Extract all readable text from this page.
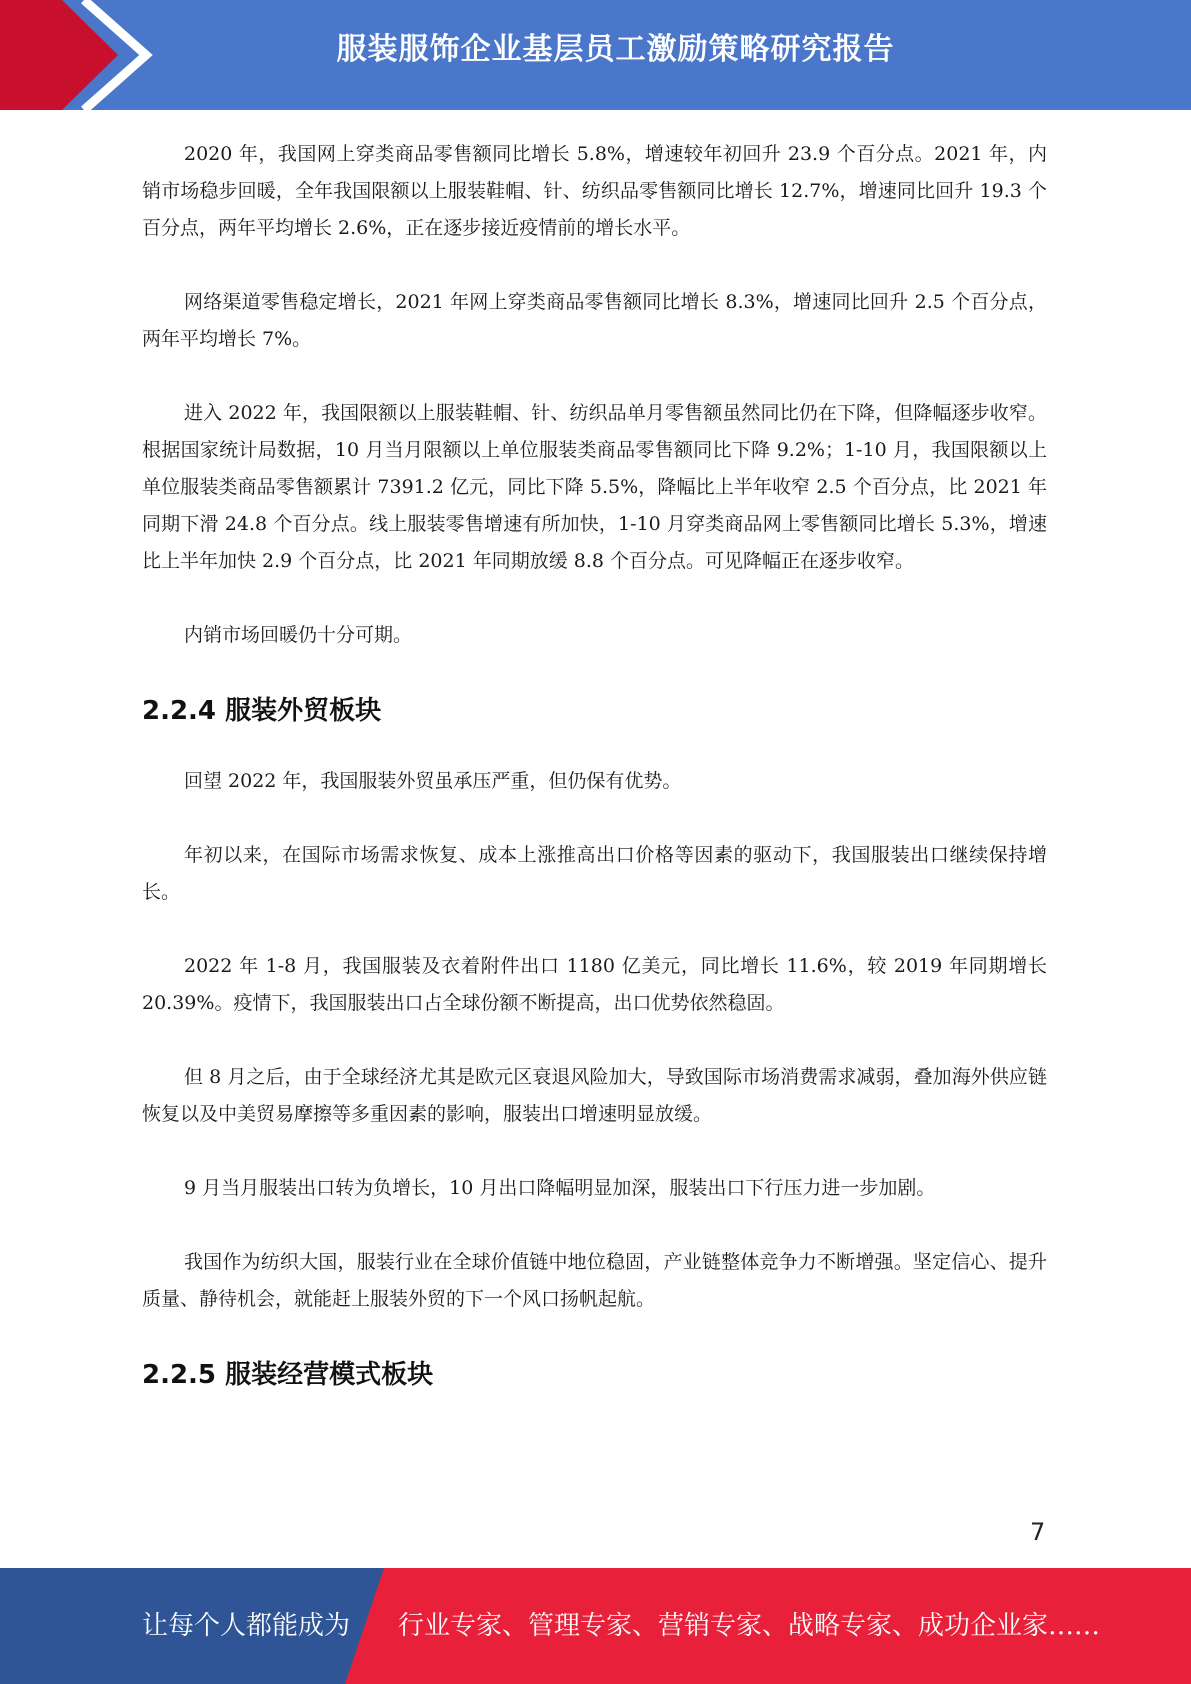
服装服饰企业基层员工激励策略研究报告

2020 年，我国网上穿类商品零售额同比增长 5.8%，增速较年初回升 23.9 个百分点。2021 年，内销市场稳步回暖，全年我国限额以上服装鞋帽、针、纺织品零售额同比增长 12.7%，增速同比回升 19.3 个百分点，两年平均增长 2.6%，正在逐步接近疫情前的增长水平。

网络渠道零售稳定增长，2021 年网上穿类商品零售额同比增长 8.3%，增速同比回升 2.5 个百分点，两年平均增长 7%。

进入 2022 年，我国限额以上服装鞋帽、针、纺织品单月零售额虽然同比仍在下降，但降幅逐步收窄。根据国家统计局数据，10 月当月限额以上单位服装类商品零售额同比下降 9.2%；1-10 月，我国限额以上单位服装类商品零售额累计 7391.2 亿元，同比下降 5.5%，降幅比上半年收窄 2.5 个百分点，比 2021 年同期下滑 24.8 个百分点。线上服装零售增速有所加快，1-10 月穿类商品网上零售额同比增长 5.3%，增速比上半年加快 2.9 个百分点，比 2021 年同期放缓 8.8 个百分点。可见降幅正在逐步收窄。

内销市场回暖仍十分可期。

2.2.4 服装外贸板块

回望 2022 年，我国服装外贸虽承压严重，但仍保有优势。

年初以来，在国际市场需求恢复、成本上涨推高出口价格等因素的驱动下，我国服装出口继续保持增长。

2022 年 1-8 月，我国服装及衣着附件出口 1180 亿美元，同比增长 11.6%，较 2019 年同期增长 20.39%。疫情下，我国服装出口占全球份额不断提高，出口优势依然稳固。

但 8 月之后，由于全球经济尤其是欧元区衰退风险加大，导致国际市场消费需求减弱，叠加海外供应链恢复以及中美贸易摩擦等多重因素的影响，服装出口增速明显放缓。

9 月当月服装出口转为负增长，10 月出口降幅明显加深，服装出口下行压力进一步加剧。

我国作为纺织大国，服装行业在全球价值链中地位稳固，产业链整体竞争力不断增强。坚定信心、提升质量、静待机会，就能赶上服装外贸的下一个风口扬帆起航。

2.2.5 服装经营模式板块
7
让每个人都能成为 行业专家、管理专家、营销专家、战略专家、成功企业家……
